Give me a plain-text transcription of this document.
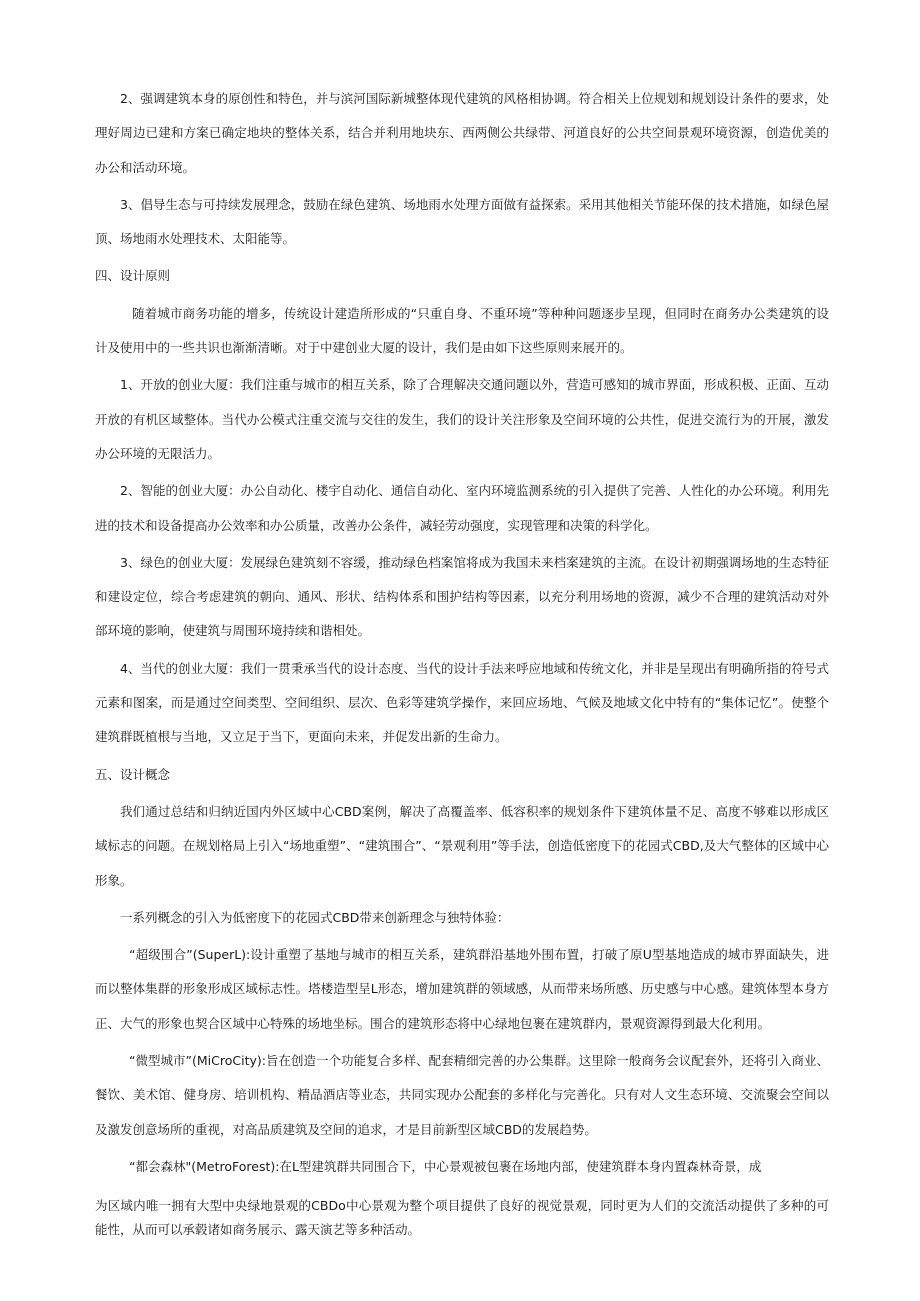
2、强调建筑本身的原创性和特色，并与滨河国际新城整体现代建筑的风格相协调。符合相关上位规划和规划设计条件的要求，处理好周边已建和方案已确定地块的整体关系，结合并利用地块东、西两侧公共绿带、河道良好的公共空间景观环境资源，创造优美的办公和活动环境。

3、倡导生态与可持续发展理念，鼓励在绿色建筑、场地雨水处理方面做有益探索。采用其他相关节能环保的技术措施，如绿色屋顶、场地雨水处理技术、太阳能等。

四、设计原则

随着城市商务功能的增多，传统设计建造所形成的“只重自身、不重环境”等种种问题逐步呈现，但同时在商务办公类建筑的设计及使用中的一些共识也渐渐清晰。对于中建创业大厦的设计，我们是由如下这些原则来展开的。

1、开放的创业大厦：我们注重与城市的相互关系，除了合理解决交通问题以外，营造可感知的城市界面，形成积极、正面、互动开放的有机区域整体。当代办公模式注重交流与交往的发生，我们的设计关注形象及空间环境的公共性，促进交流行为的开展，激发办公环境的无限活力。

2、智能的创业大厦：办公自动化、楼宇自动化、通信自动化、室内环境监测系统的引入提供了完善、人性化的办公环境。利用先进的技术和设备提高办公效率和办公质量，改善办公条件，减轻劳动强度，实现管理和决策的科学化。

3、绿色的创业大厦：发展绿色建筑刻不容缓，推动绿色档案馆将成为我国未来档案建筑的主流。在设计初期强调场地的生态特征和建设定位，综合考虑建筑的朝向、通风、形状、结构体系和围护结构等因素，以充分利用场地的资源，减少不合理的建筑活动对外部环境的影响，使建筑与周围环境持续和谐相处。

4、当代的创业大厦：我们一贯秉承当代的设计态度、当代的设计手法来呼应地域和传统文化，并非是呈现出有明确所指的符号式元素和图案，而是通过空间类型、空间组织、层次、色彩等建筑学操作，来回应场地、气候及地域文化中特有的“集体记忆”。使整个建筑群既植根与当地，又立足于当下，更面向未来，并促发出新的生命力。

五、设计概念

我们通过总结和归纳近国内外区域中心CBD案例，解决了高覆盖率、低容积率的规划条件下建筑体量不足、高度不够难以形成区域标志的问题。在规划格局上引入“场地重塑”、“建筑围合”、“景观利用”等手法，创造低密度下的花园式CBD,及大气整体的区域中心形象。

一系列概念的引入为低密度下的花园式CBD带来创新理念与独特体验：

“超级围合”(SuperL):设计重塑了基地与城市的相互关系，建筑群沿基地外围布置，打破了原U型基地造成的城市界面缺失，进而以整体集群的形象形成区域标志性。塔楼造型呈L形态，增加建筑群的领域感，从而带来场所感、历史感与中心感。建筑体型本身方正、大气的形象也契合区域中心特殊的场地坐标。围合的建筑形态将中心绿地包裹在建筑群内，景观资源得到最大化利用。

“微型城市”(MiCroCity):旨在创造一个功能复合多样、配套精细完善的办公集群。这里除一般商务会议配套外，还将引入商业、餐饮、美术馆、健身房、培训机构、精品酒店等业态，共同实现办公配套的多样化与完善化。只有对人文生态环境、交流聚会空间以及激发创意场所的重视，对高品质建筑及空间的追求，才是目前新型区域CBD的发展趋势。

“都会森林"(MetroForest):在L型建筑群共同围合下，中心景观被包裹在场地内部，使建筑群本身内置森林奇景，成

为区域内唯一拥有大型中央绿地景观的CBDo中心景观为整个项目提供了良好的视觉景观，同时更为人们的交流活动提供了多种的可能性，从而可以承毂诸如商务展示、露天演艺等多种活动。
